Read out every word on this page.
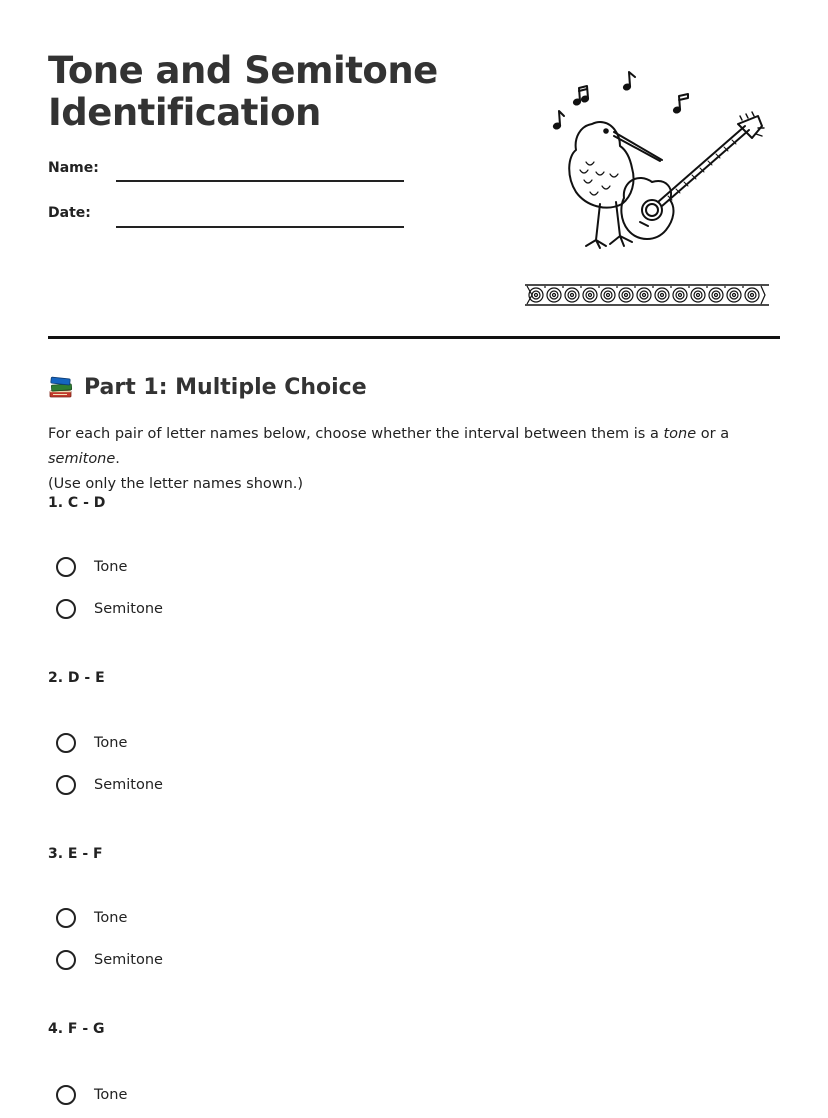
Tone and Semitone
Identification
Name:
Date:
Part 1: Multiple Choice

For each pair of letter names below, choose whether the interval between them is a tone or a semitone.
(Use only the letter names shown.)

1. C - D
Tone
Semitone
2. D - E
Tone
Semitone
3. E - F
Tone
Semitone
4. F - G
Tone
